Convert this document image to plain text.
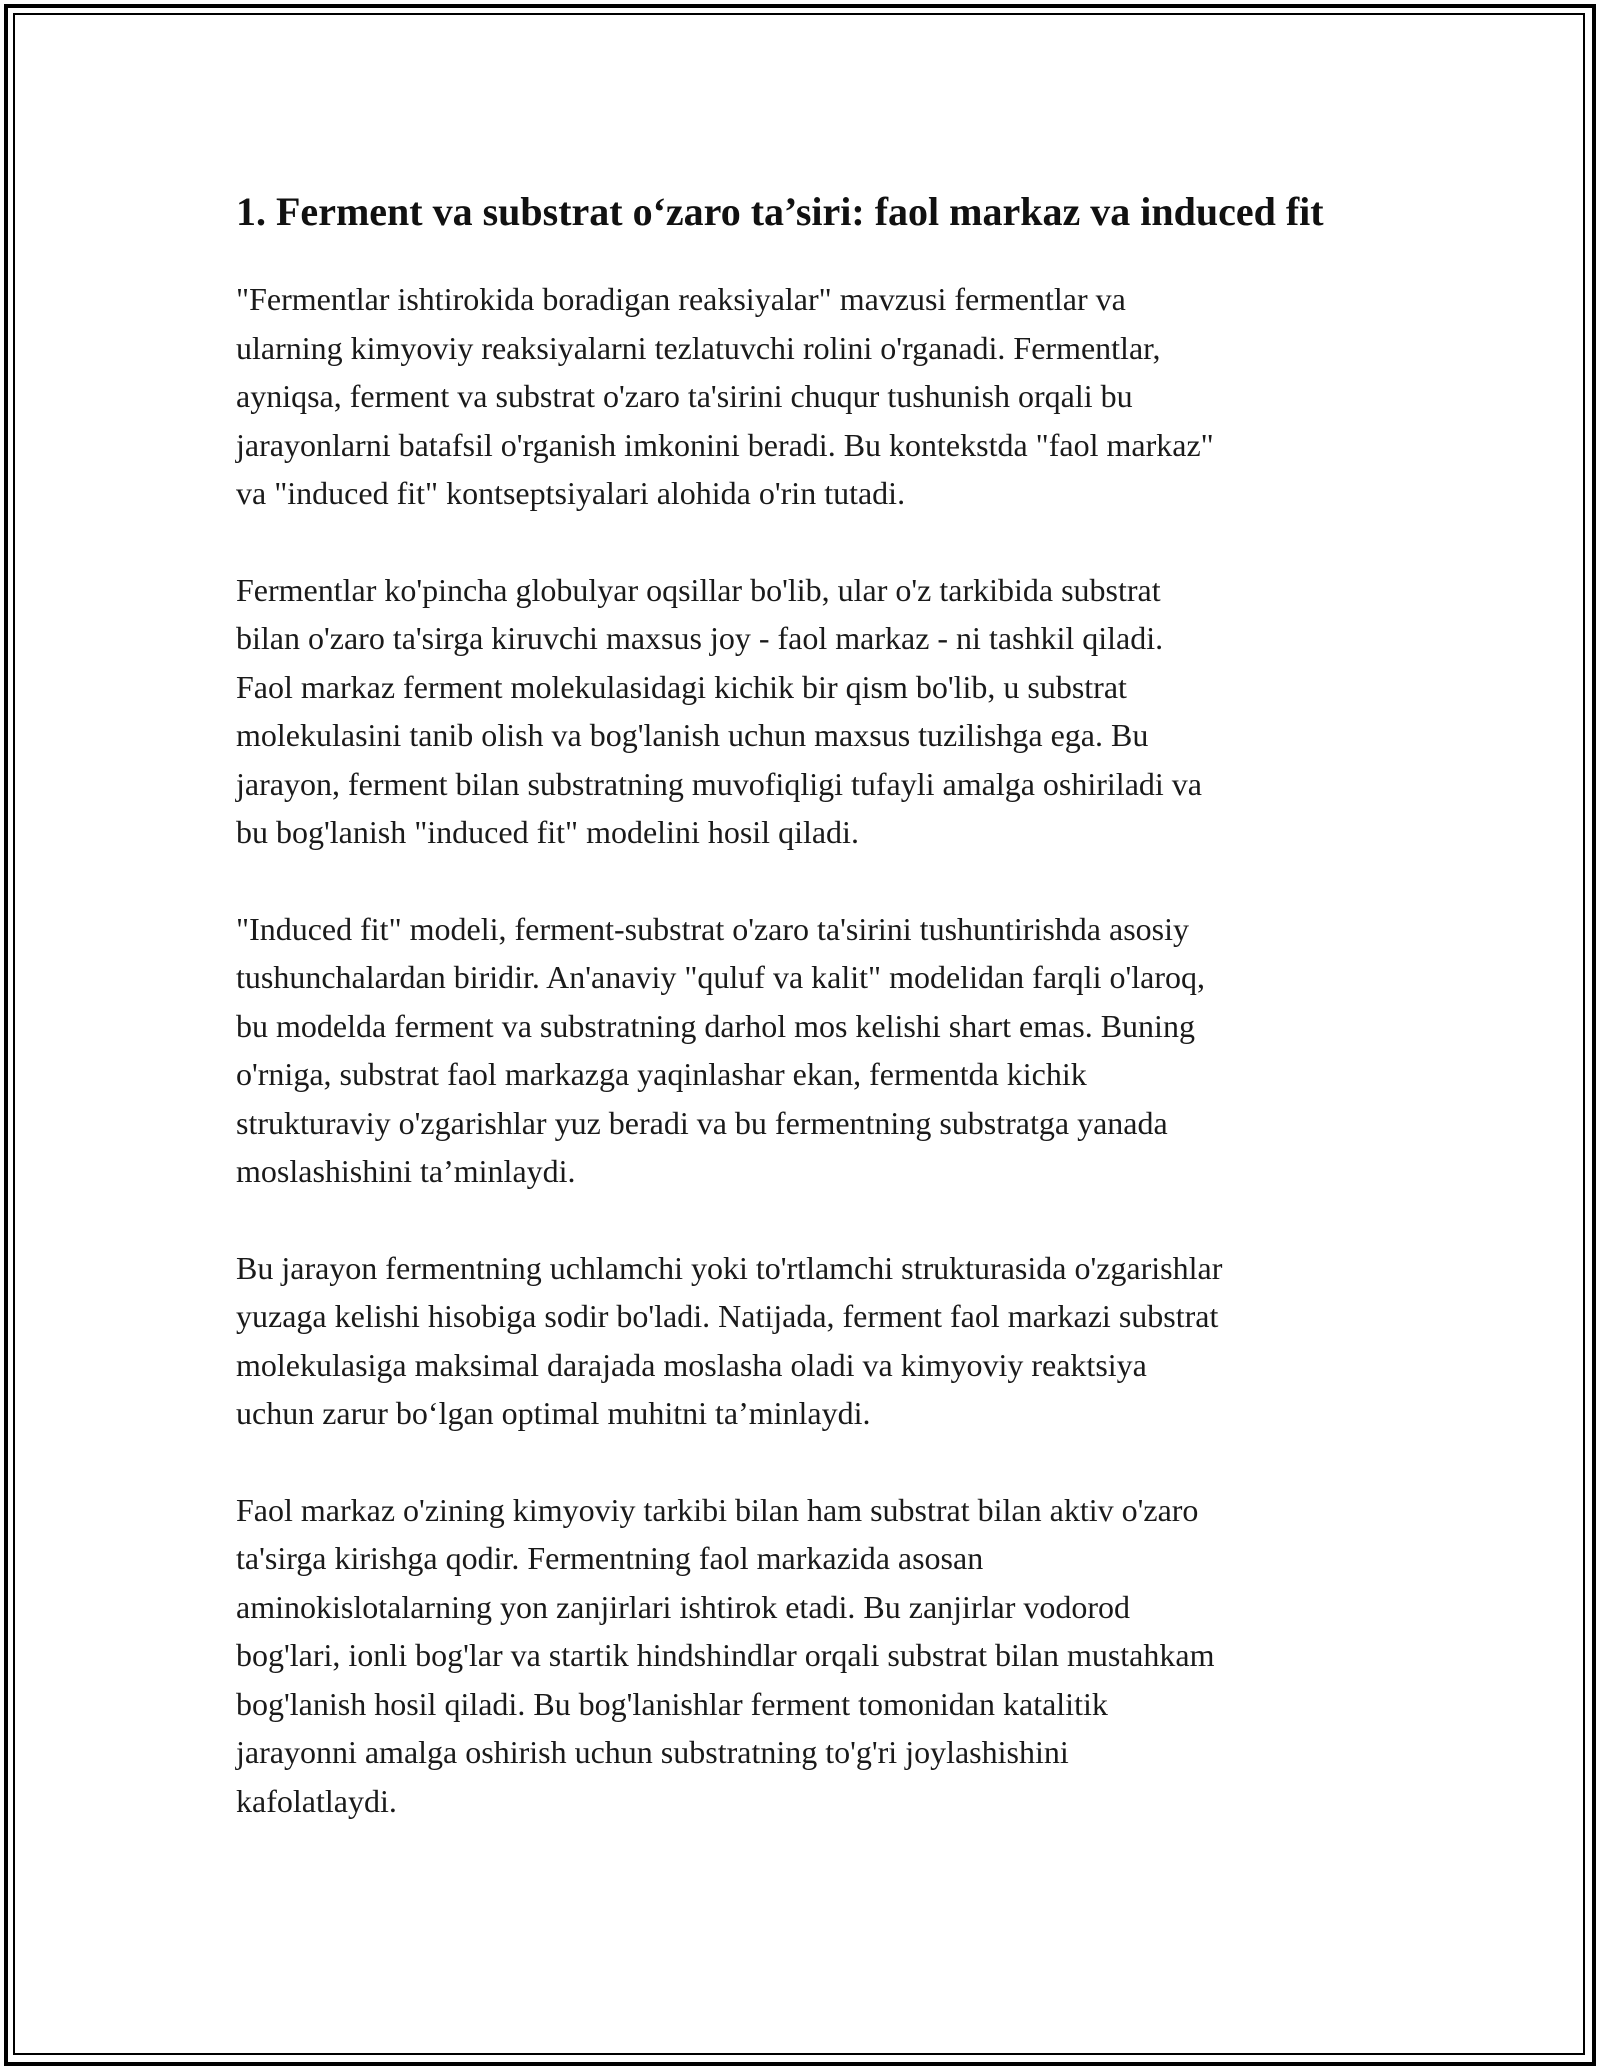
1. Ferment va substrat o‘zaro ta’siri: faol markaz va induced fit

"Fermentlar ishtirokida boradigan reaksiyalar" mavzusi fermentlar va
ularning kimyoviy reaksiyalarni tezlatuvchi rolini o'rganadi. Fermentlar,
ayniqsa, ferment va substrat o'zaro ta'sirini chuqur tushunish orqali bu
jarayonlarni batafsil o'rganish imkonini beradi. Bu kontekstda "faol markaz"
va "induced fit" kontseptsiyalari alohida o'rin tutadi.

Fermentlar ko'pincha globulyar oqsillar bo'lib, ular o'z tarkibida substrat
bilan o'zaro ta'sirga kiruvchi maxsus joy - faol markaz - ni tashkil qiladi.
Faol markaz ferment molekulasidagi kichik bir qism bo'lib, u substrat
molekulasini tanib olish va bog'lanish uchun maxsus tuzilishga ega. Bu
jarayon, ferment bilan substratning muvofiqligi tufayli amalga oshiriladi va
bu bog'lanish "induced fit" modelini hosil qiladi.

"Induced fit" modeli, ferment-substrat o'zaro ta'sirini tushuntirishda asosiy
tushunchalardan biridir. An'anaviy "quluf va kalit" modelidan farqli o'laroq,
bu modelda ferment va substratning darhol mos kelishi shart emas. Buning
o'rniga, substrat faol markazga yaqinlashar ekan, fermentda kichik
strukturaviy o'zgarishlar yuz beradi va bu fermentning substratga yanada
moslashishini ta’minlaydi.

Bu jarayon fermentning uchlamchi yoki to'rtlamchi strukturasida o'zgarishlar
yuzaga kelishi hisobiga sodir bo'ladi. Natijada, ferment faol markazi substrat
molekulasiga maksimal darajada moslasha oladi va kimyoviy reaktsiya
uchun zarur bo‘lgan optimal muhitni ta’minlaydi.

Faol markaz o'zining kimyoviy tarkibi bilan ham substrat bilan aktiv o'zaro
ta'sirga kirishga qodir. Fermentning faol markazida asosan
aminokislotalarning yon zanjirlari ishtirok etadi. Bu zanjirlar vodorod
bog'lari, ionli bog'lar va startik hindshindlar orqali substrat bilan mustahkam
bog'lanish hosil qiladi. Bu bog'lanishlar ferment tomonidan katalitik
jarayonni amalga oshirish uchun substratning to'g'ri joylashishini
kafolatlaydi.
